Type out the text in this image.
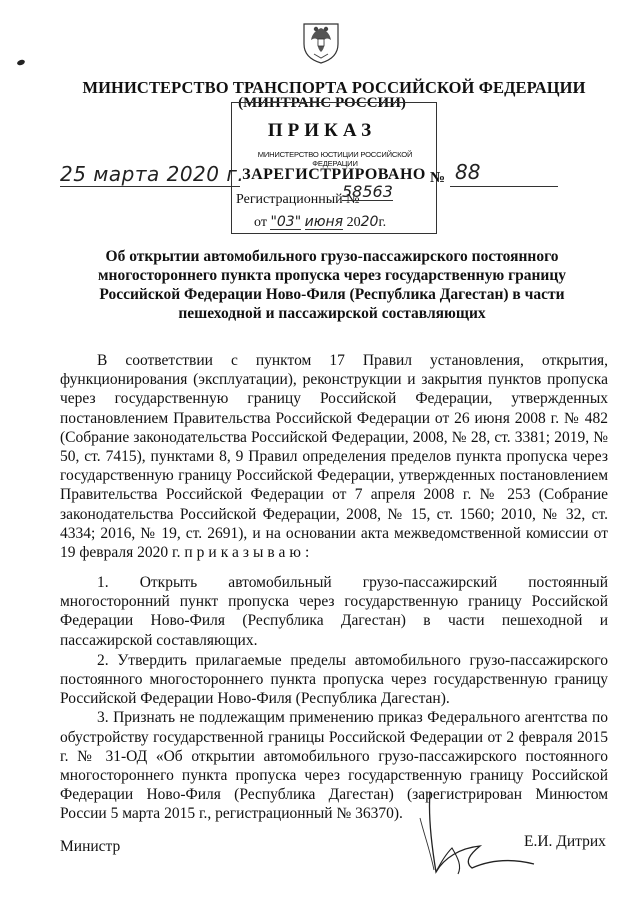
МИНИСТЕРСТВО ТРАНСПОРТА РОССИЙСКОЙ ФЕДЕРАЦИИ
(МИНТРАНС РОССИИ)
ПРИКАЗ
МИНИСТЕРСТВО ЮСТИЦИИ РОССИЙСКОЙ ФЕДЕРАЦИИ
ЗАРЕГИСТРИРОВАНО
Регистрационный №
58563
от "03" июня 2020г.
25 марта 2020 г.	№ 88
Об открытии автомобильного грузо-пассажирского постоянного многостороннего пункта пропуска через государственную границу Российской Федерации Ново-Филя (Республика Дагестан) в части пешеходной и пассажирской составляющих
В соответствии с пунктом 17 Правил установления, открытия, функционирования (эксплуатации), реконструкции и закрытия пунктов пропуска через государственную границу Российской Федерации, утвержденных постановлением Правительства Российской Федерации от 26 июня 2008 г. № 482 (Собрание законодательства Российской Федерации, 2008, № 28, ст. 3381; 2019, № 50, ст. 7415), пунктами 8, 9 Правил определения пределов пункта пропуска через государственную границу Российской Федерации, утвержденных постановлением Правительства Российской Федерации от 7 апреля 2008 г. № 253 (Собрание законодательства Российской Федерации, 2008, № 15, ст. 1560; 2010, № 32, ст. 4334; 2016, № 19, ст. 2691), и на основании акта межведомственной комиссии от 19 февраля 2020 г. приказываю:

1. Открыть автомобильный грузо-пассажирский постоянный многосторонний пункт пропуска через государственную границу Российской Федерации Ново-Филя (Республика Дагестан) в части пешеходной и пассажирской составляющих.

2. Утвердить прилагаемые пределы автомобильного грузо-пассажирского постоянного многостороннего пункта пропуска через государственную границу Российской Федерации Ново-Филя (Республика Дагестан).

3. Признать не подлежащим применению приказ Федерального агентства по обустройству государственной границы Российской Федерации от 2 февраля 2015 г. № 31-ОД «Об открытии автомобильного грузо-пассажирского постоянного многостороннего пункта пропуска через государственную границу Российской Федерации Ново-Филя (Республика Дагестан) (зарегистрирован Минюстом России 5 марта 2015 г., регистрационный № 36370).

Министр	Е.И. Дитрих
